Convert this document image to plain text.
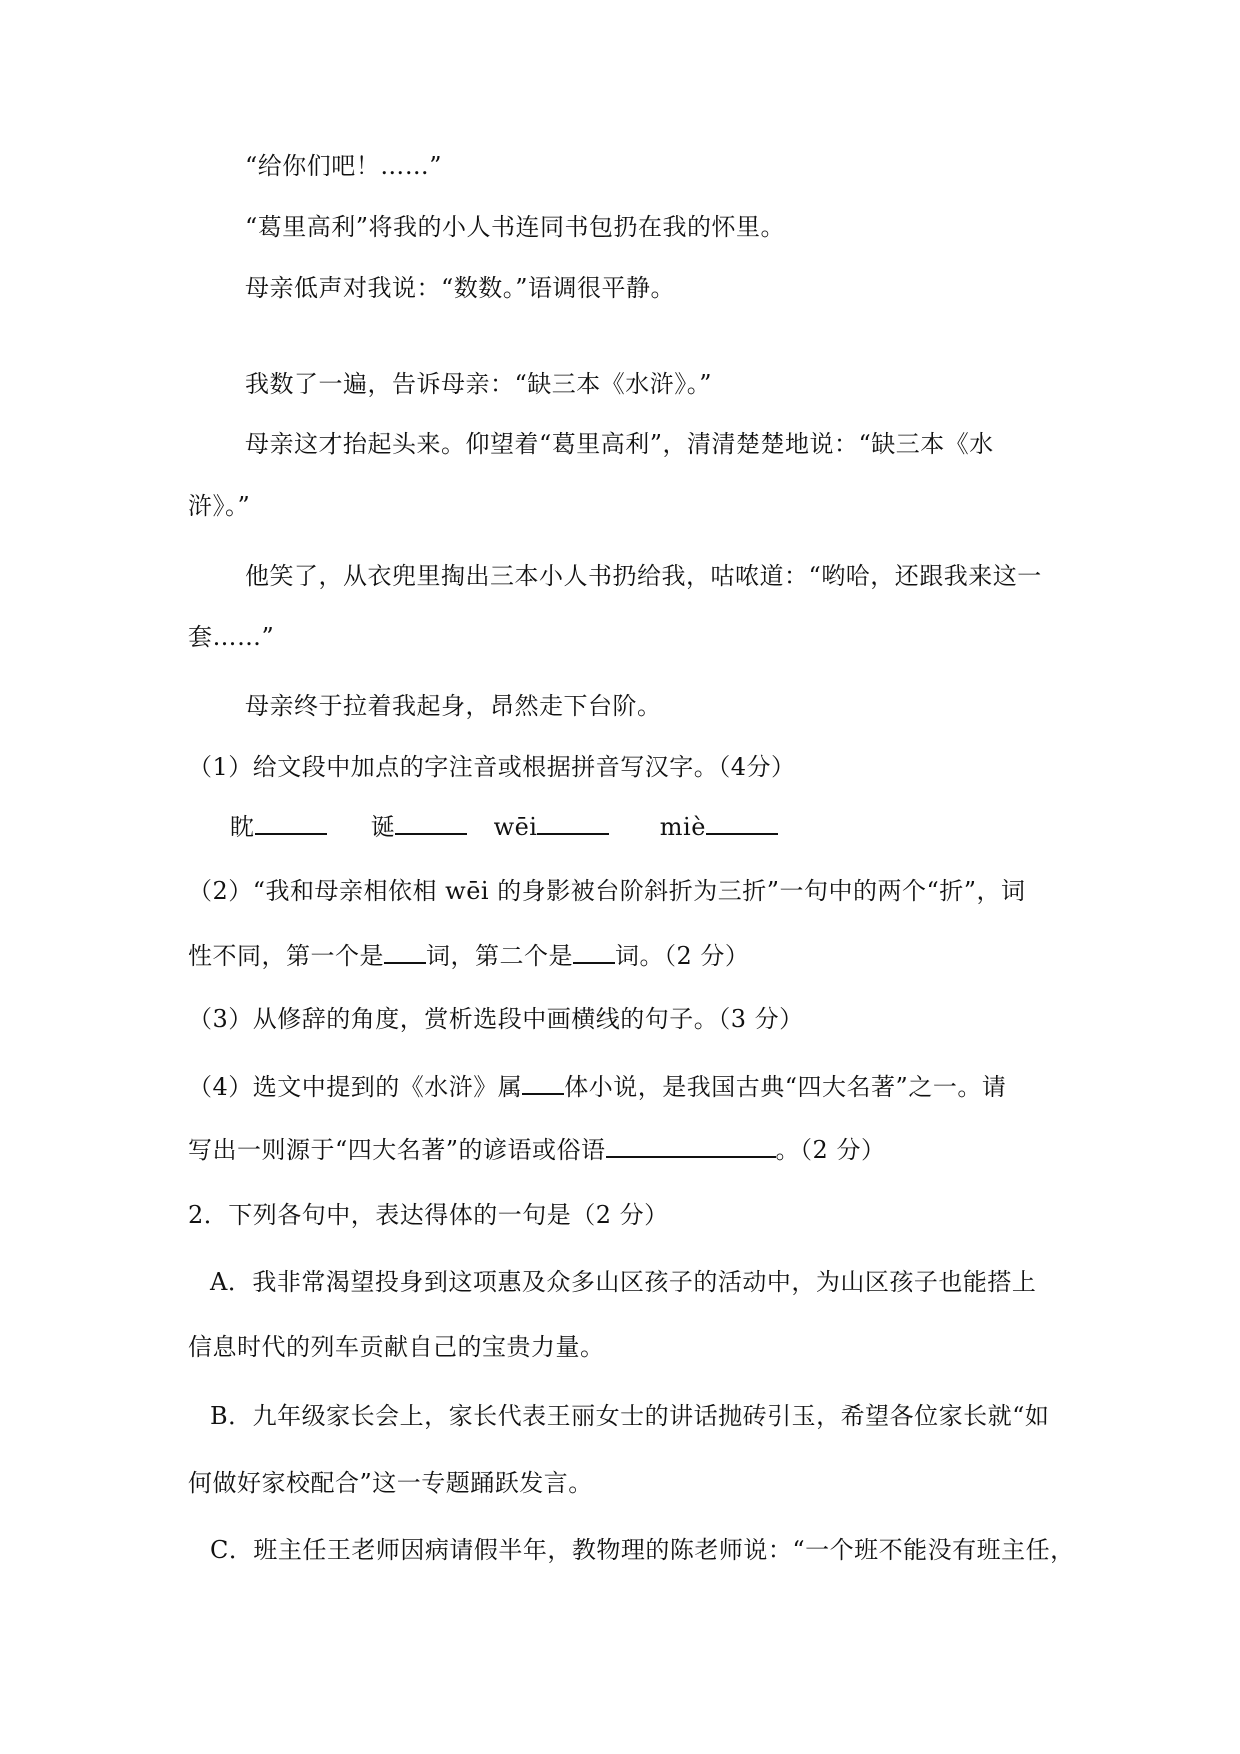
“给你们吧！……”
“葛里高利”将我的小人书连同书包扔在我的怀里。
母亲低声对我说：“数数。”语调很平静。
我数了一遍，告诉母亲：“缺三本《水浒》。”
母亲这才抬起头来。仰望着“葛里高利”，清清楚楚地说：“缺三本《水
浒》。”
他笑了，从衣兜里掏出三本小人书扔给我，咕哝道：“哟哈，还跟我来这一
套……”
母亲终于拉着我起身，昂然走下台阶。
（1）给文段中加点的字注音或根据拼音写汉字。（4分）
眈	诞	wēi	miè
（2）“我和母亲相依相 wēi 的身影被台阶斜折为三折”一句中的两个“折”，词
性不同，第一个是 词，第二个是 词。（2 分）
（3）从修辞的角度，赏析选段中画横线的句子。（3 分）
（4）选文中提到的《水浒》属 体小说，是我国古典“四大名著”之一。请
写出一则源于“四大名著”的谚语或俗语	。（2 分）
2．下列各句中，表达得体的一句是（2 分）
A．我非常渴望投身到这项惠及众多山区孩子的活动中，为山区孩子也能搭上
信息时代的列车贡献自己的宝贵力量。
B．九年级家长会上，家长代表王丽女士的讲话抛砖引玉，希望各位家长就“如
何做好家校配合”这一专题踊跃发言。
C．班主任王老师因病请假半年，教物理的陈老师说：“一个班不能没有班主任，
